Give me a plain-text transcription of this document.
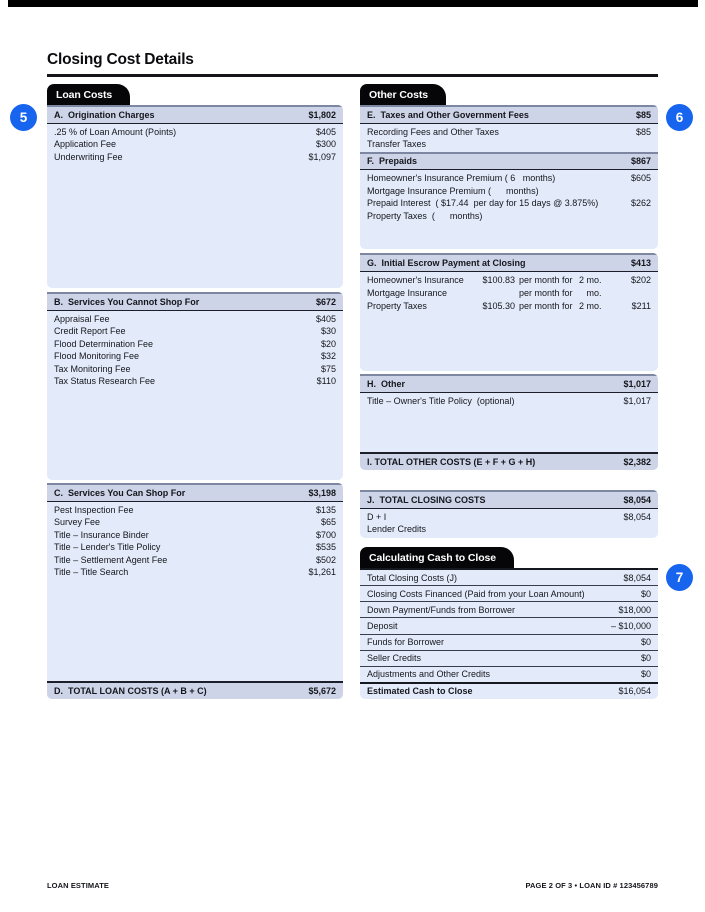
Closing Cost Details
Loan Costs
A.  Origination Charges	$1,802
.25 % of Loan Amount (Points)	$405
Application Fee	$300
Underwriting Fee	$1,097
B.  Services You Cannot Shop For	$672
Appraisal Fee	$405
Credit Report Fee	$30
Flood Determination Fee	$20
Flood Monitoring Fee	$32
Tax Monitoring Fee	$75
Tax Status Research Fee	$110
C.  Services You Can Shop For	$3,198
Pest Inspection Fee	$135
Survey Fee	$65
Title – Insurance Binder	$700
Title – Lender's Title Policy	$535
Title – Settlement Agent Fee	$502
Title – Title Search	$1,261
D.  TOTAL LOAN COSTS (A + B + C)	$5,672
Other Costs
E.  Taxes and Other Government Fees	$85
Recording Fees and Other Taxes	$85
Transfer Taxes
F.  Prepaids	$867
Homeowner's Insurance Premium ( 6   months)	$605
Mortgage Insurance Premium (      months)
Prepaid Interest  ( $17.44  per day for 15 days @ 3.875%)	$262
Property Taxes  (      months)
G.  Initial Escrow Payment at Closing	$413
Homeowner's Insurance	$100.83 per month for 2 mo.	$202
Mortgage Insurance	per month for mo.
Property Taxes	$105.30 per month for 2 mo.	$211
H.  Other	$1,017
Title – Owner's Title Policy  (optional)	$1,017
I. TOTAL OTHER COSTS (E + F + G + H)	$2,382
J.  TOTAL CLOSING COSTS	$8,054
D + I	$8,054
Lender Credits
Calculating Cash to Close
Total Closing Costs (J)	$8,054
Closing Costs Financed (Paid from your Loan Amount)	$0
Down Payment/Funds from Borrower	$18,000
Deposit	– $10,000
Funds for Borrower	$0
Seller Credits	$0
Adjustments and Other Credits	$0
Estimated Cash to Close	$16,054
5	6
7
LOAN ESTIMATE	PAGE 2 OF 3 • LOAN ID # 123456789
